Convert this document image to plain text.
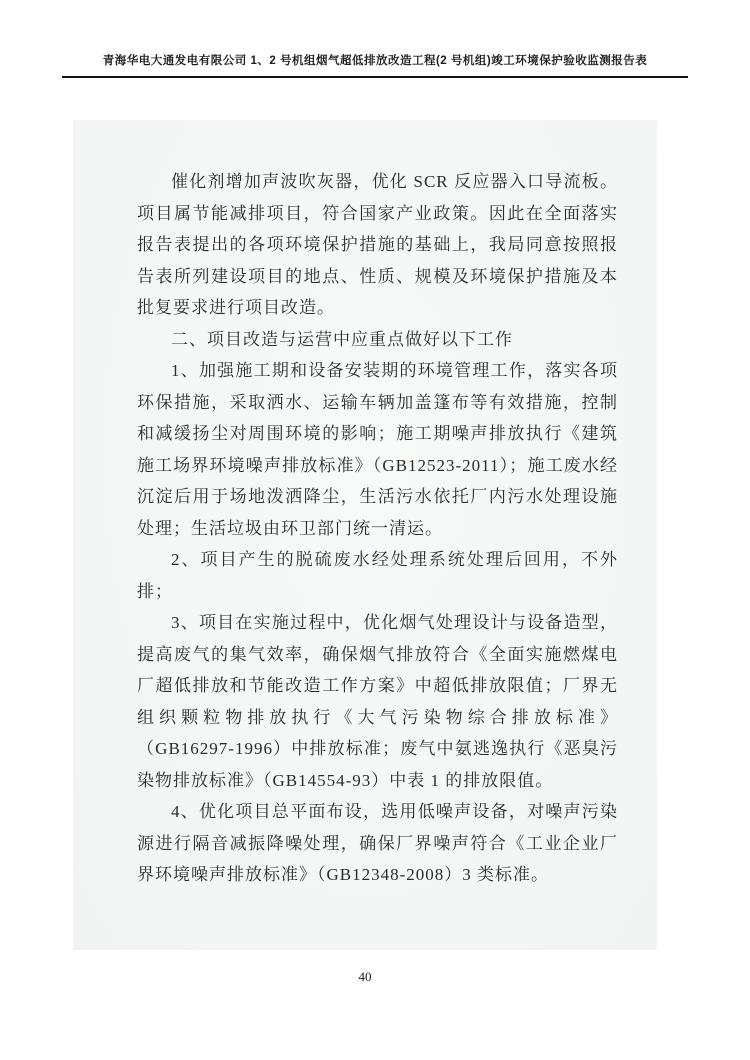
青海华电大通发电有限公司 1、2 号机组烟气超低排放改造工程(2 号机组)竣工环境保护验收监测报告表

催化剂增加声波吹灰器，优化 SCR 反应器入口导流板。项目属节能减排项目，符合国家产业政策。因此在全面落实报告表提出的各项环境保护措施的基础上，我局同意按照报告表所列建设项目的地点、性质、规模及环境保护措施及本批复要求进行项目改造。

二、项目改造与运营中应重点做好以下工作

1、加强施工期和设备安装期的环境管理工作，落实各项环保措施，采取洒水、运输车辆加盖篷布等有效措施，控制和减缓扬尘对周围环境的影响；施工期噪声排放执行《建筑施工场界环境噪声排放标准》（GB12523-2011）；施工废水经沉淀后用于场地泼洒降尘，生活污水依托厂内污水处理设施处理；生活垃圾由环卫部门统一清运。

2、项目产生的脱硫废水经处理系统处理后回用，不外排；

3、项目在实施过程中，优化烟气处理设计与设备造型，提高废气的集气效率，确保烟气排放符合《全面实施燃煤电厂超低排放和节能改造工作方案》中超低排放限值；厂界无组织颗粒物排放执行《大气污染物综合排放标准》（GB16297-1996）中排放标准；废气中氨逃逸执行《恶臭污染物排放标准》（GB14554-93）中表 1 的排放限值。

4、优化项目总平面布设，选用低噪声设备，对噪声污染源进行隔音减振降噪处理，确保厂界噪声符合《工业企业厂界环境噪声排放标准》（GB12348-2008）3 类标准。

40
